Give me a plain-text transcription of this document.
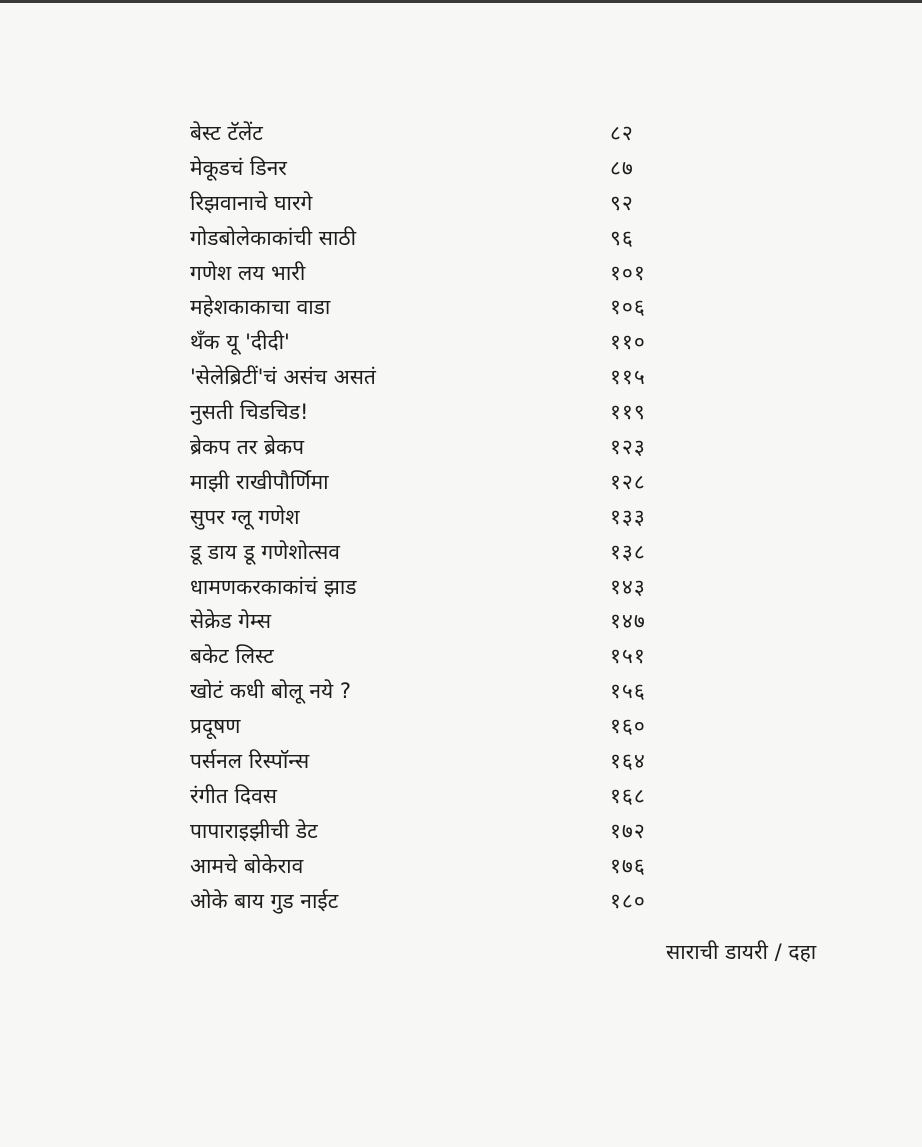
बेस्ट टॅलेंट	८२
मेकूडचं डिनर	८७
रिझवानाचे घारगे	९२
गोडबोलेकाकांची साठी	९६
गणेश लय भारी	१०१
महेशकाकाचा वाडा	१०६
थँक यू 'दीदी'	११०
'सेलेब्रिटीं'चं असंच असतं	११५
नुसती चिडचिड!	११९
ब्रेकप तर ब्रेकप	१२३
माझी राखीपौर्णिमा	१२८
सुपर ग्लू गणेश	१३३
डू डाय डू गणेशोत्सव	१३८
धामणकरकाकांचं झाड	१४३
सेक्रेड गेम्स	१४७
बकेट लिस्ट	१५१
खोटं कधी बोलू नये ?	१५६
प्रदूषण	१६०
पर्सनल रिस्पॉन्स	१६४
रंगीत दिवस	१६८
पापाराइझीची डेट	१७२
आमचे बोकेराव	१७६
ओके बाय गुड नाईट	१८०
साराची डायरी / दहा
